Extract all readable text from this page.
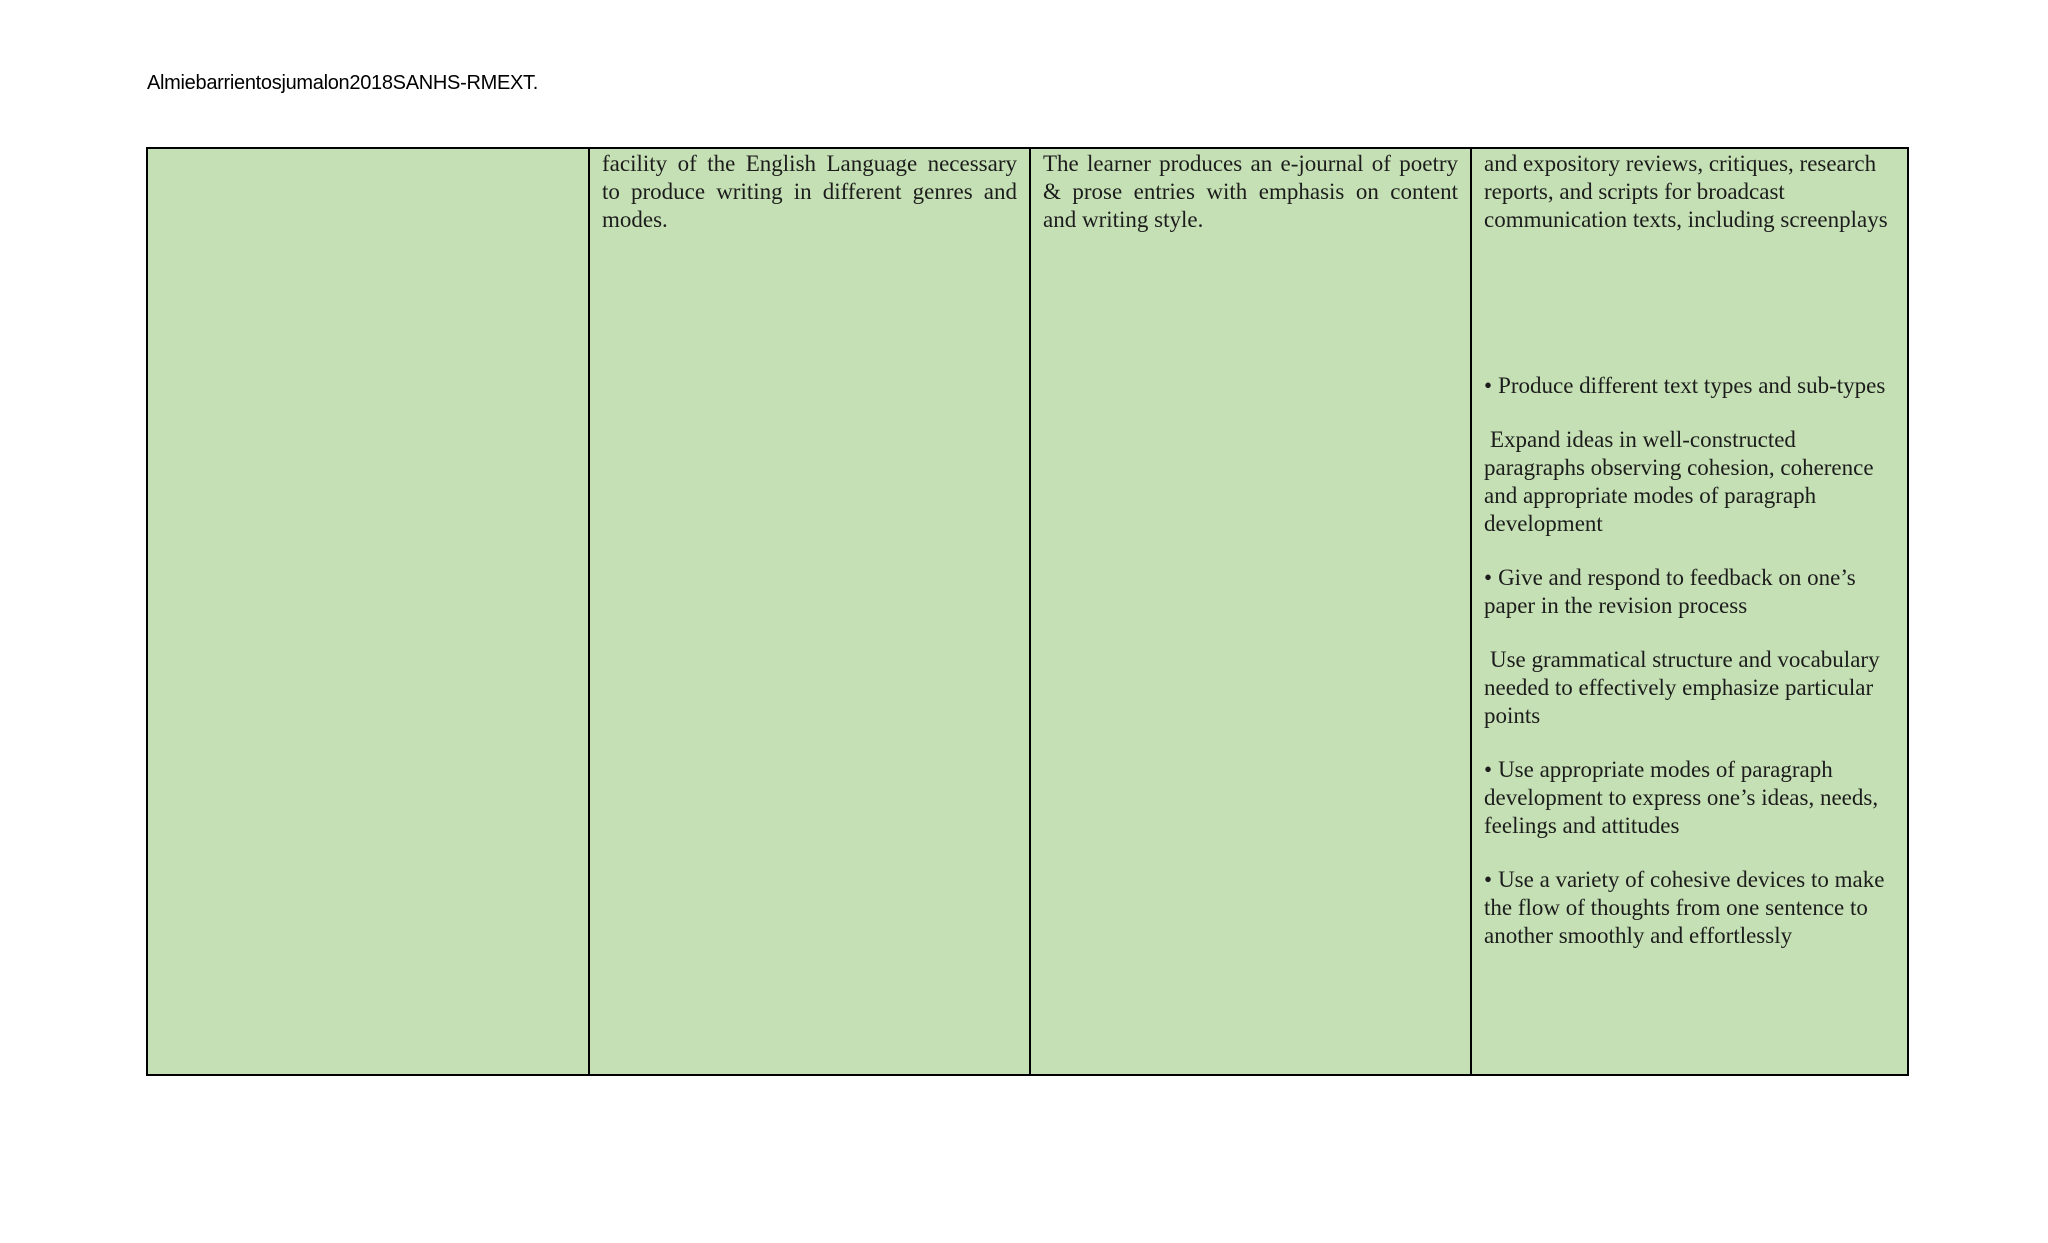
Almiebarrientosjumalon2018SANHS-RMEXT.

facility of the English Language necessary to produce writing in different genres and modes.

The learner produces an e-journal of poetry & prose entries with emphasis on content and writing style.

and expository reviews, critiques, research reports, and scripts for broadcast communication texts, including screenplays

• Produce different text types and sub-types

Expand ideas in well-constructed paragraphs observing cohesion, coherence and appropriate modes of paragraph development

• Give and respond to feedback on one’s paper in the revision process

Use grammatical structure and vocabulary needed to effectively emphasize particular points

• Use appropriate modes of paragraph development to express one’s ideas, needs, feelings and attitudes

• Use a variety of cohesive devices to make the flow of thoughts from one sentence to another smoothly and effortlessly
